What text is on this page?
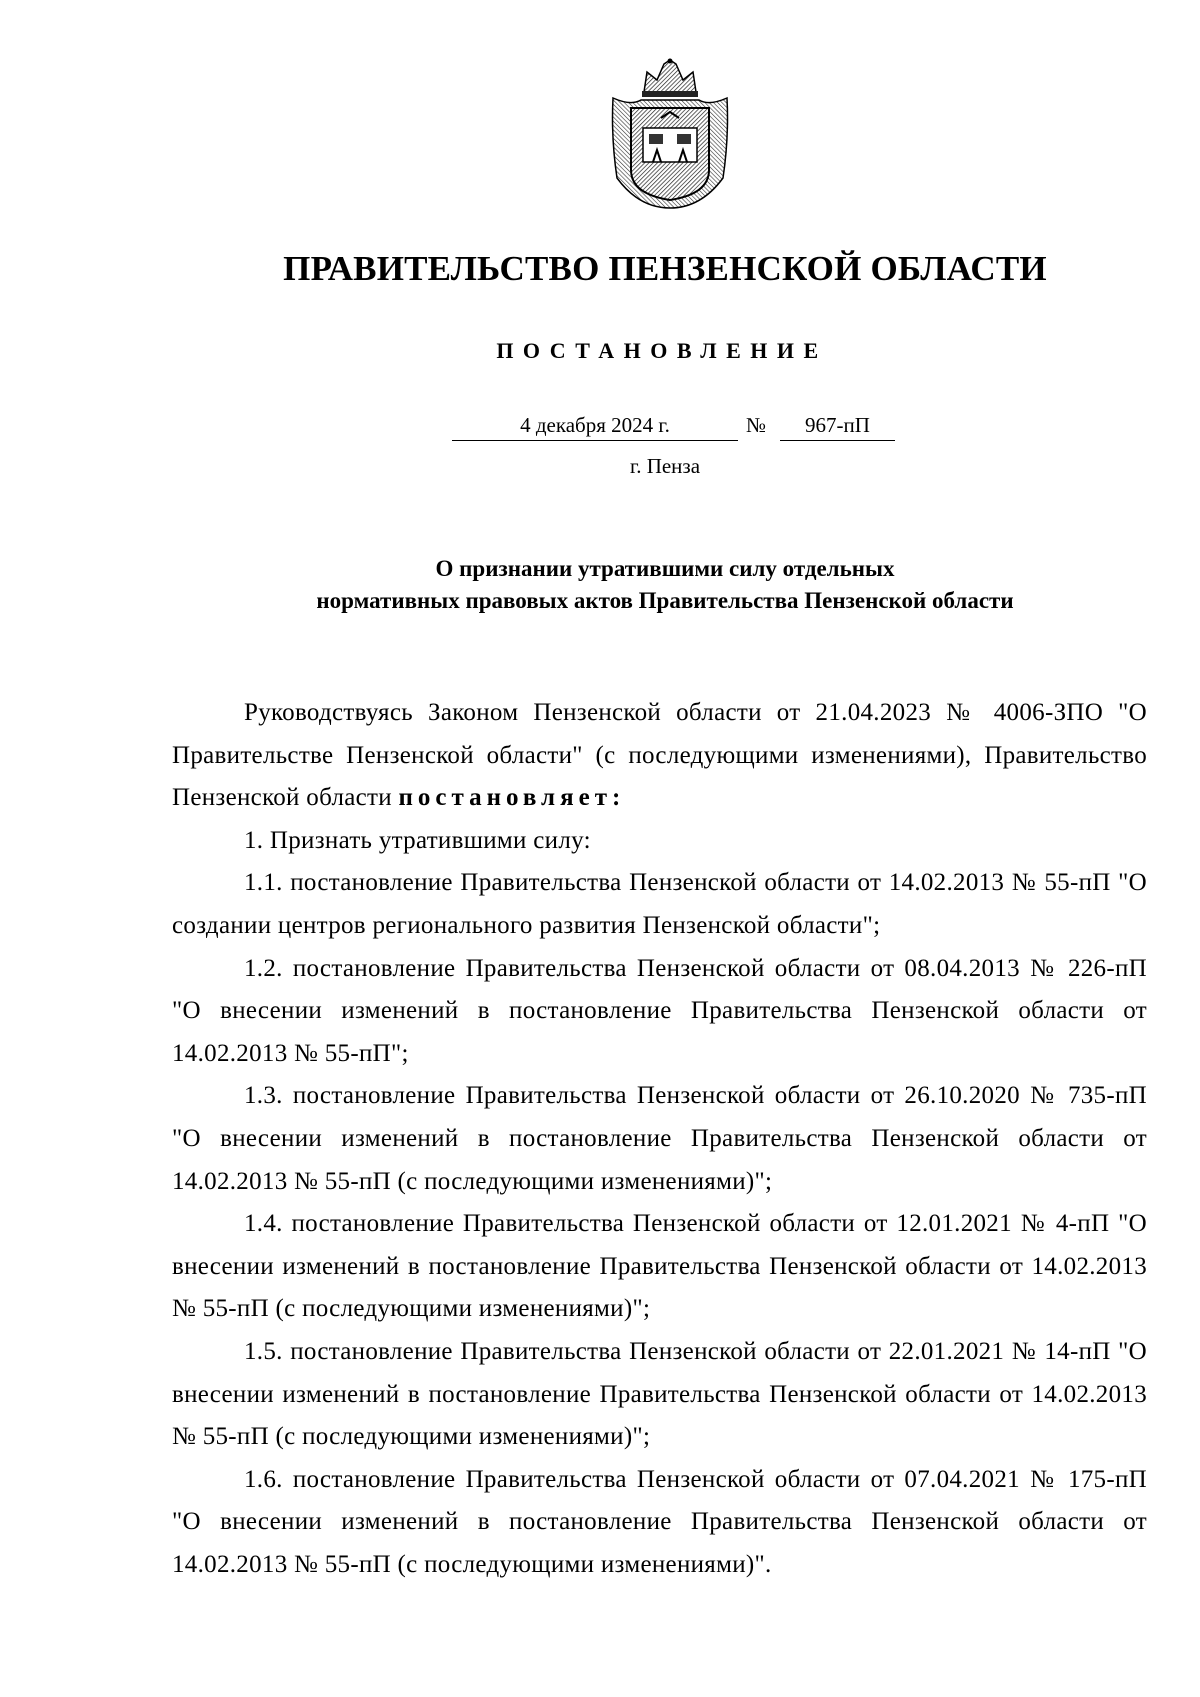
ПРАВИТЕЛЬСТВО ПЕНЗЕНСКОЙ ОБЛАСТИ
ПОСТАНОВЛЕНИЕ
4 декабря 2024 г.	№	967-пП
г. Пенза
О признании утратившими силу отдельных
нормативных правовых актов Правительства Пензенской области

Руководствуясь Законом Пензенской области от 21.04.2023 № 4006-ЗПО "О Правительстве Пензенской области" (с последующими изменениями), Правительство Пензенской области постановляет:

1. Признать утратившими силу:

1.1. постановление Правительства Пензенской области от 14.02.2013 № 55-пП "О создании центров регионального развития Пензенской области";

1.2. постановление Правительства Пензенской области от 08.04.2013 № 226-пП "О внесении изменений в постановление Правительства Пензенской области от 14.02.2013 № 55-пП";

1.3. постановление Правительства Пензенской области от 26.10.2020 № 735-пП "О внесении изменений в постановление Правительства Пензенской области от 14.02.2013 № 55-пП (с последующими изменениями)";

1.4. постановление Правительства Пензенской области от 12.01.2021 № 4-пП "О внесении изменений в постановление Правительства Пензенской области от 14.02.2013 № 55-пП (с последующими изменениями)";

1.5. постановление Правительства Пензенской области от 22.01.2021 № 14-пП "О внесении изменений в постановление Правительства Пензенской области от 14.02.2013 № 55-пП (с последующими изменениями)";

1.6. постановление Правительства Пензенской области от 07.04.2021 № 175-пП "О внесении изменений в постановление Правительства Пензенской области от 14.02.2013 № 55-пП (с последующими изменениями)".
